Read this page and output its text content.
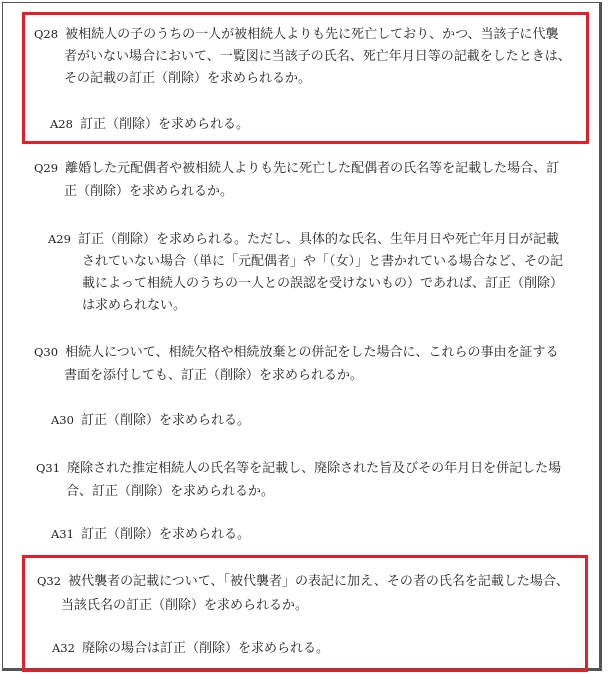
Q28 被相続人の子のうちの一人が被相続人よりも先に死亡しており、かつ、当該子に代襲
者がいない場合において、一覧図に当該子の氏名、死亡年月日等の記載をしたときは、
その記載の訂正（削除）を求められるか。
A28 訂正（削除）を求められる。
Q29 離婚した元配偶者や被相続人よりも先に死亡した配偶者の氏名等を記載した場合、訂
正（削除）を求められるか。
A29 訂正（削除）を求められる。ただし、具体的な氏名、生年月日や死亡年月日が記載
されていない場合（単に「元配偶者」や「（女）」と書かれている場合など、その記
載によって相続人のうちの一人との誤認を受けないもの）であれば、訂正（削除）
は求められない。
Q30 相続人について、相続欠格や相続放棄との併記をした場合に、これらの事由を証する
書面を添付しても、訂正（削除）を求められるか。
A30 訂正（削除）を求められる。
Q31 廃除された推定相続人の氏名等を記載し、廃除された旨及びその年月日を併記した場
合、訂正（削除）を求められるか。
A31 訂正（削除）を求められる。
Q32 被代襲者の記載について、「被代襲者」の表記に加え、その者の氏名を記載した場合、
当該氏名の訂正（削除）を求められるか。
A32 廃除の場合は訂正（削除）を求められる。
